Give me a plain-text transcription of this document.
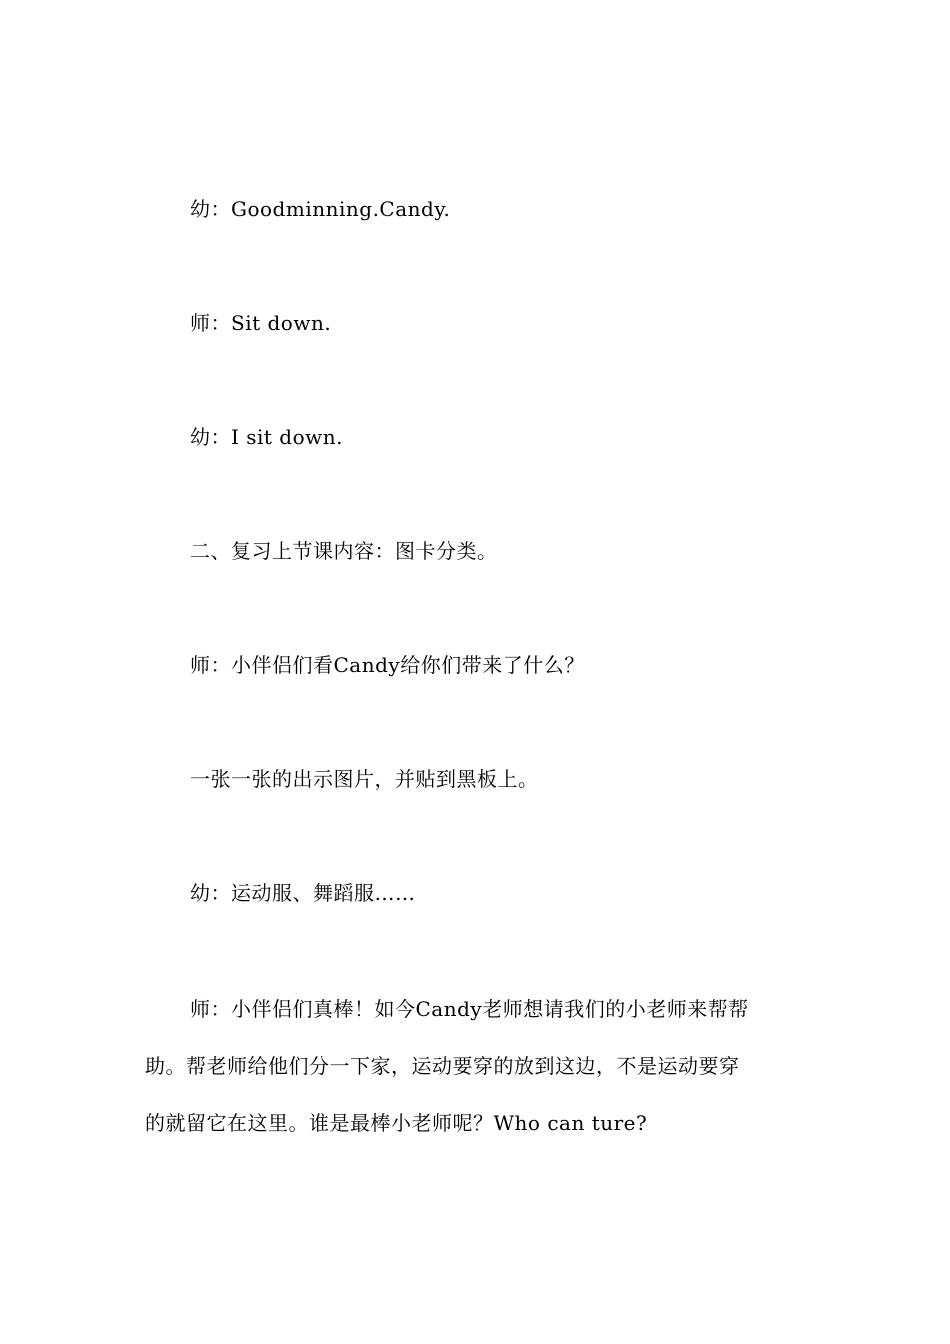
幼：Goodminning.Candy.
师：Sit down.
幼：I sit down.
二、复习上节课内容：图卡分类。
师：小伴侣们看Candy给你们带来了什么？
一张一张的出示图片，并贴到黑板上。
幼：运动服、舞蹈服……
师：小伴侣们真棒！如今Candy老师想请我们的小老师来帮帮
助。帮老师给他们分一下家，运动要穿的放到这边，不是运动要穿
的就留它在这里。谁是最棒小老师呢？Who can ture?
